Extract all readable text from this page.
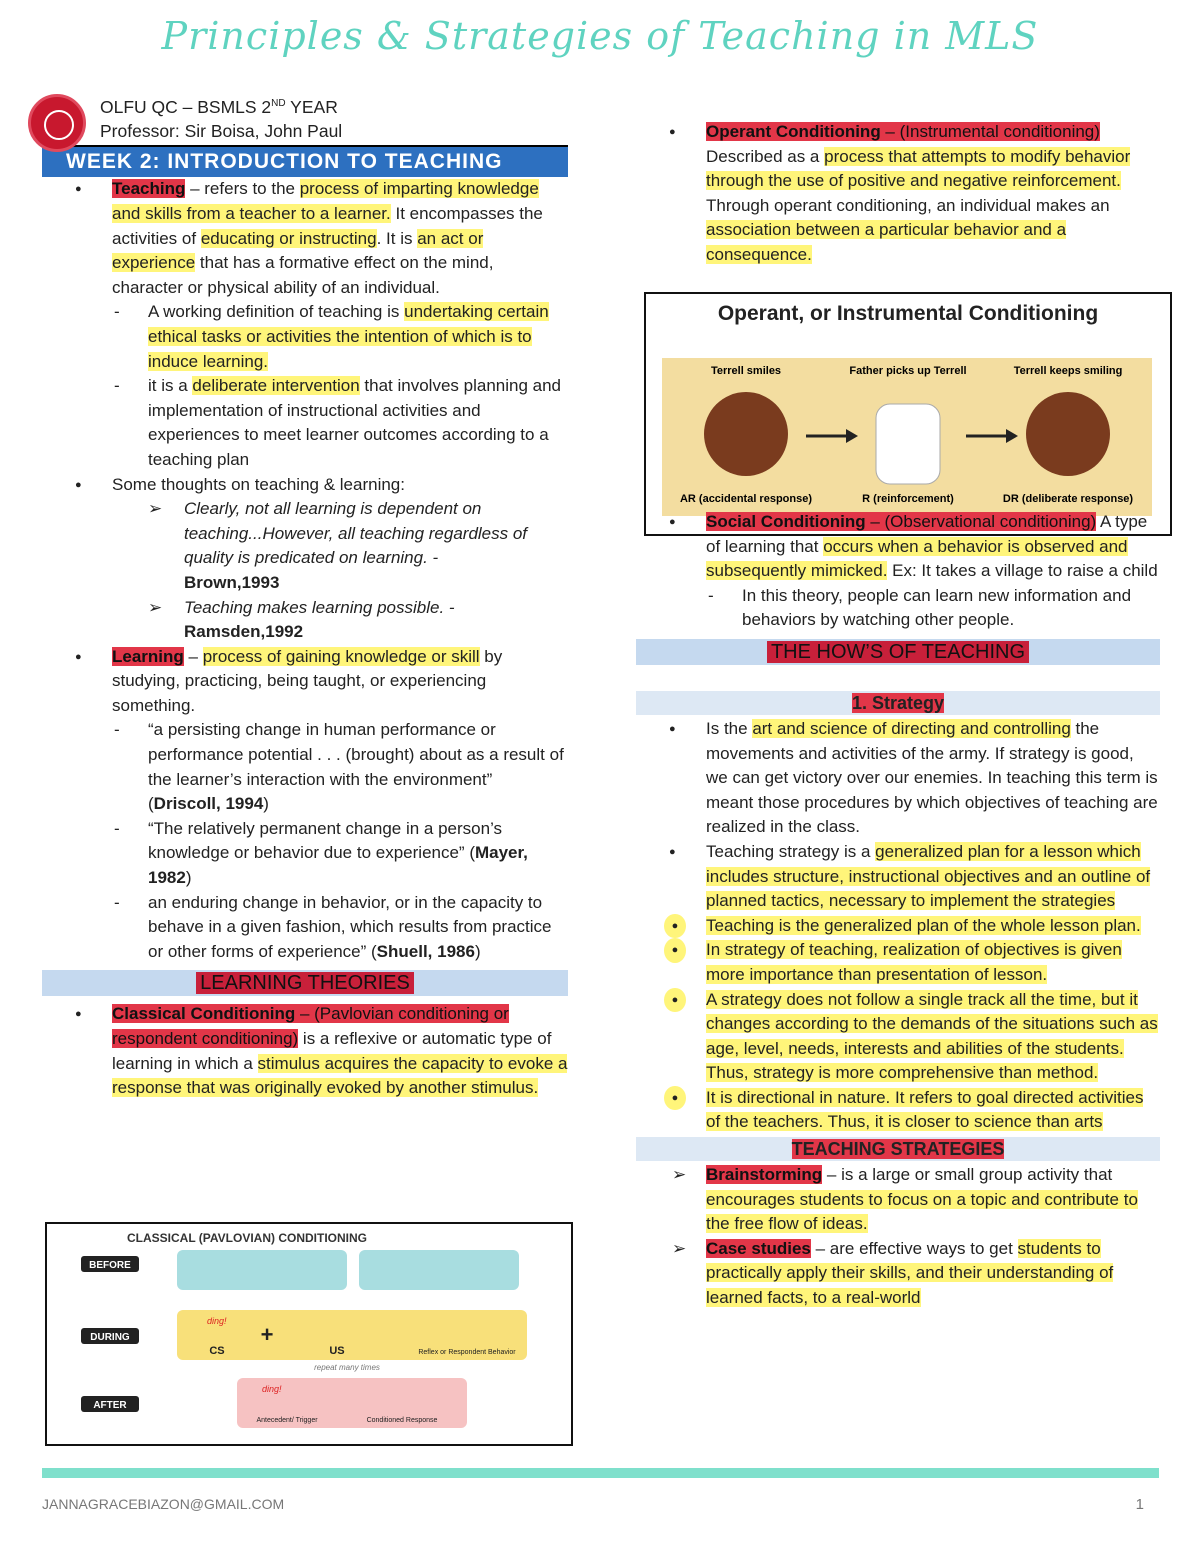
Principles & Strategies of Teaching in MLS
OLFU QC – BSMLS 2ND YEAR
Professor: Sir Boisa, John Paul
WEEK 2: INTRODUCTION TO TEACHING
● Teaching – refers to the process of imparting knowledge and skills from a teacher to a learner. It encompasses the activities of educating or instructing. It is an act or experience that has a formative effect on the mind, character or physical ability of an individual.
- A working definition of teaching is undertaking certain ethical tasks or activities the intention of which is to induce learning.
- it is a deliberate intervention that involves planning and implementation of instructional activities and experiences to meet learner outcomes according to a teaching plan
● Some thoughts on teaching & learning:
➢ Clearly, not all learning is dependent on teaching...However, all teaching regardless of quality is predicated on learning. -
Brown,1993
➢ Teaching makes learning possible. -
Ramsden,1992
● Learning – process of gaining knowledge or skill by studying, practicing, being taught, or experiencing something.
- “a persisting change in human performance or performance potential . . . (brought) about as a result of the learner’s interaction with the environment” (Driscoll, 1994)
- “The relatively permanent change in a person’s knowledge or behavior due to experience” (Mayer, 1982)
- an enduring change in behavior, or in the capacity to behave in a given fashion, which results from practice or other forms of experience” (Shuell, 1986)
LEARNING THEORIES
● Classical Conditioning – (Pavlovian conditioning or respondent conditioning) is a reflexive or automatic type of learning in which a stimulus acquires the capacity to evoke a response that was originally evoked by another stimulus.
CLASSICAL (PAVLOVIAN) CONDITIONING
BEFORE
DURING
ding!
CS
+
US	Reflex or Respondent Behavior
repeat many times
AFTER
ding!
Antecedent/ Trigger	Conditioned Response
Operant, or Instrumental Conditioning
Terrell smiles	Father picks up Terrell	Terrell keeps smiling
AR (accidental response)	R (reinforcement)	DR (deliberate response)
● Operant Conditioning – (Instrumental conditioning) Described as a process that attempts to modify behavior through the use of positive and negative reinforcement. Through operant conditioning, an individual makes an association between a particular behavior and a consequence.
● Social Conditioning – (Observational conditioning) A type of learning that occurs when a behavior is observed and subsequently mimicked. Ex: It takes a village to raise a child
- In this theory, people can learn new information and behaviors by watching other people.
THE HOW’S OF TEACHING
1. Strategy
● Is the art and science of directing and controlling the movements and activities of the army. If strategy is good, we can get victory over our enemies. In teaching this term is meant those procedures by which objectives of teaching are realized in the class.
● Teaching strategy is a generalized plan for a lesson which includes structure, instructional objectives and an outline of planned tactics, necessary to implement the strategies
● Teaching is the generalized plan of the whole lesson plan.
● In strategy of teaching, realization of objectives is given more importance than presentation of lesson.
● A strategy does not follow a single track all the time, but it changes according to the demands of the situations such as age, level, needs, interests and abilities of the students. Thus, strategy is more comprehensive than method.
● It is directional in nature. It refers to goal directed activities of the teachers. Thus, it is closer to science than arts
TEACHING STRATEGIES
➢ Brainstorming – is a large or small group activity that encourages students to focus on a topic and contribute to the free flow of ideas.
➢ Case studies – are effective ways to get students to practically apply their skills, and their understanding of learned facts, to a real-world
JANNAGRACEBIAZON@GMAIL.COM	1
